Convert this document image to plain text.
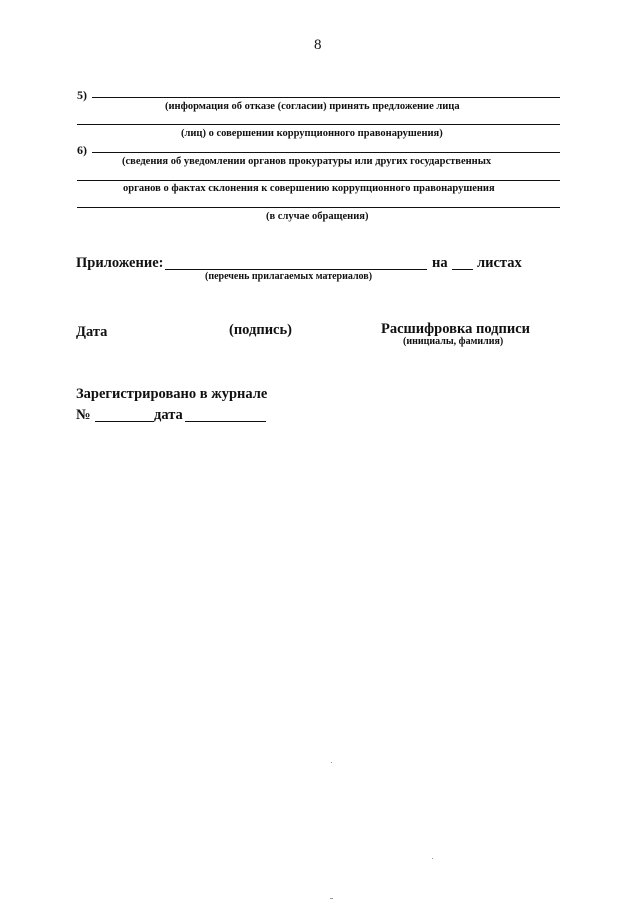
8
5)
(информация об отказе (согласии) принять предложение лица
(лиц) о совершении коррупционного правонарушения)
6)
(сведения об уведомлении органов прокуратуры или других государственных
органов о фактах склонения к совершению коррупционного правонарушения
(в случае обращения)
Приложение:	на листах
(перечень прилагаемых материалов)
Дата	(подпись)	Расшифровка подписи
(инициалы, фамилия)
Зарегистрировано в журнале
№	дата
